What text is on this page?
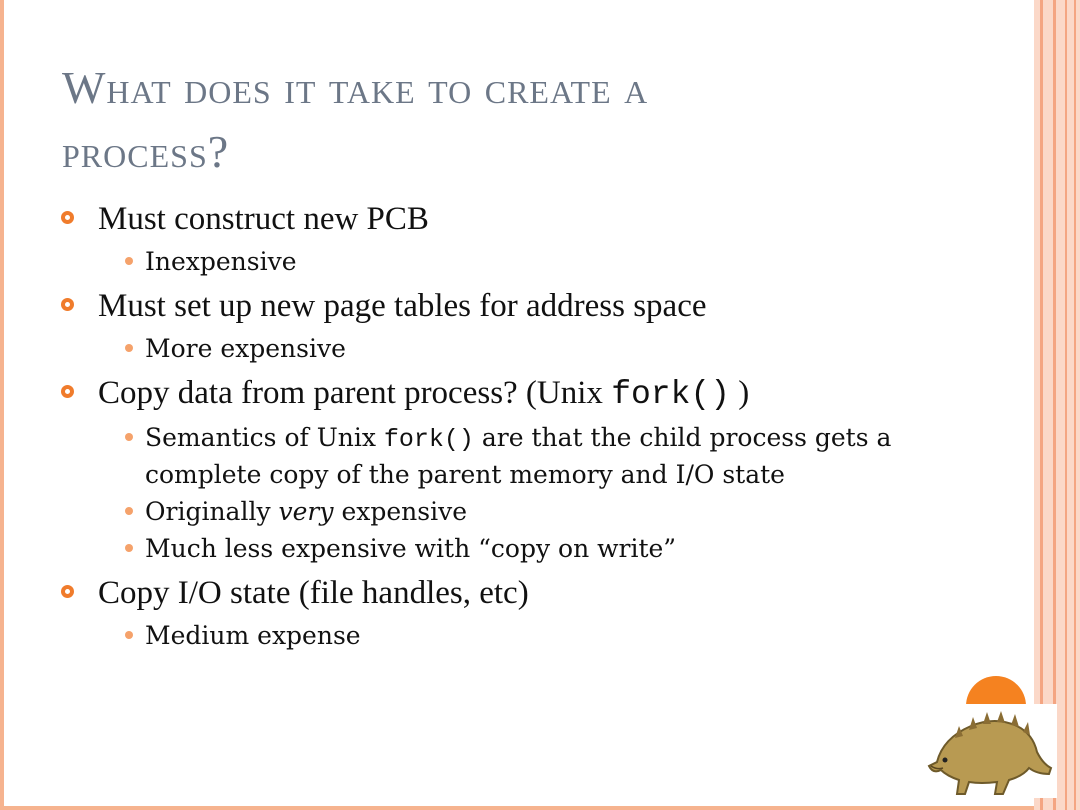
What does it take to create a
process?
Must construct new PCB
Inexpensive
Must set up new page tables for address space
More expensive
Copy data from parent process? (Unix fork() )
Semantics of Unix fork() are that the child process gets a complete copy of the parent memory and I/O state
Originally very expensive
Much less expensive with “copy on write”
Copy I/O state (file handles, etc)
Medium expense
